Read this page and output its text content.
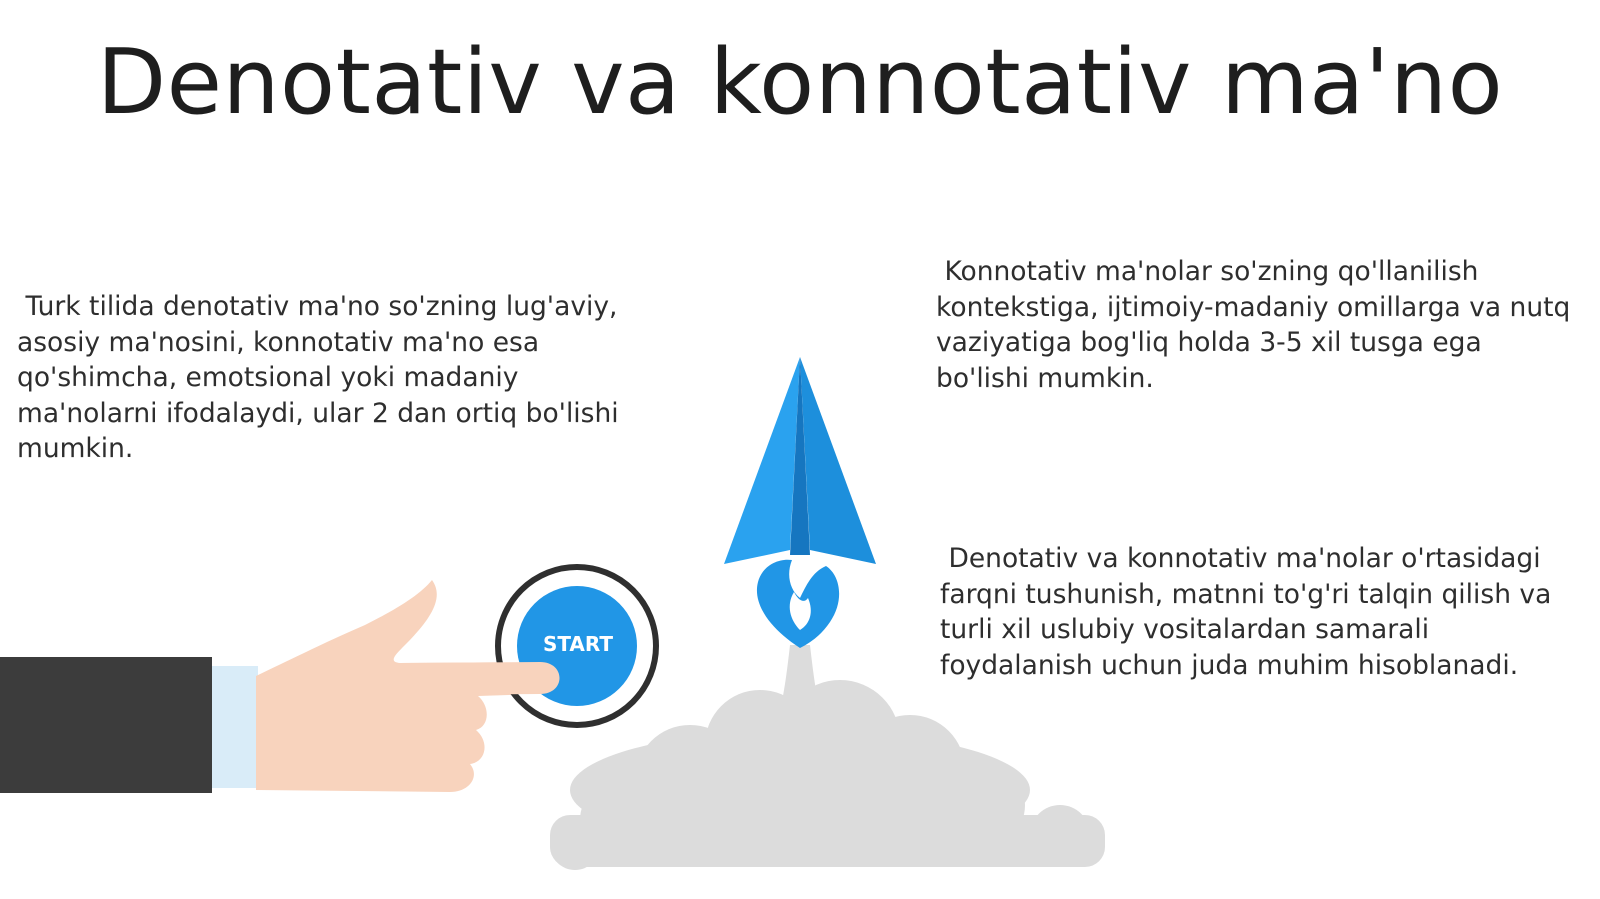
Denotativ va konnotativ ma'no
Turk tilida denotativ ma'no so'zning lug'aviy, asosiy ma'nosini, konnotativ ma'no esa qo'shimcha, emotsional yoki madaniy ma'nolarni ifodalaydi, ular 2 dan ortiq bo'lishi mumkin.
Konnotativ ma'nolar so'zning qo'llanilish kontekstiga, ijtimoiy-madaniy omillarga va nutq vaziyatiga bog'liq holda 3-5 xil tusga ega bo'lishi mumkin.
Denotativ va konnotativ ma'nolar o'rtasidagi farqni tushunish, matnni to'g'ri talqin qilish va turli xil uslubiy vositalardan samarali foydalanish uchun juda muhim hisoblanadi.
START
